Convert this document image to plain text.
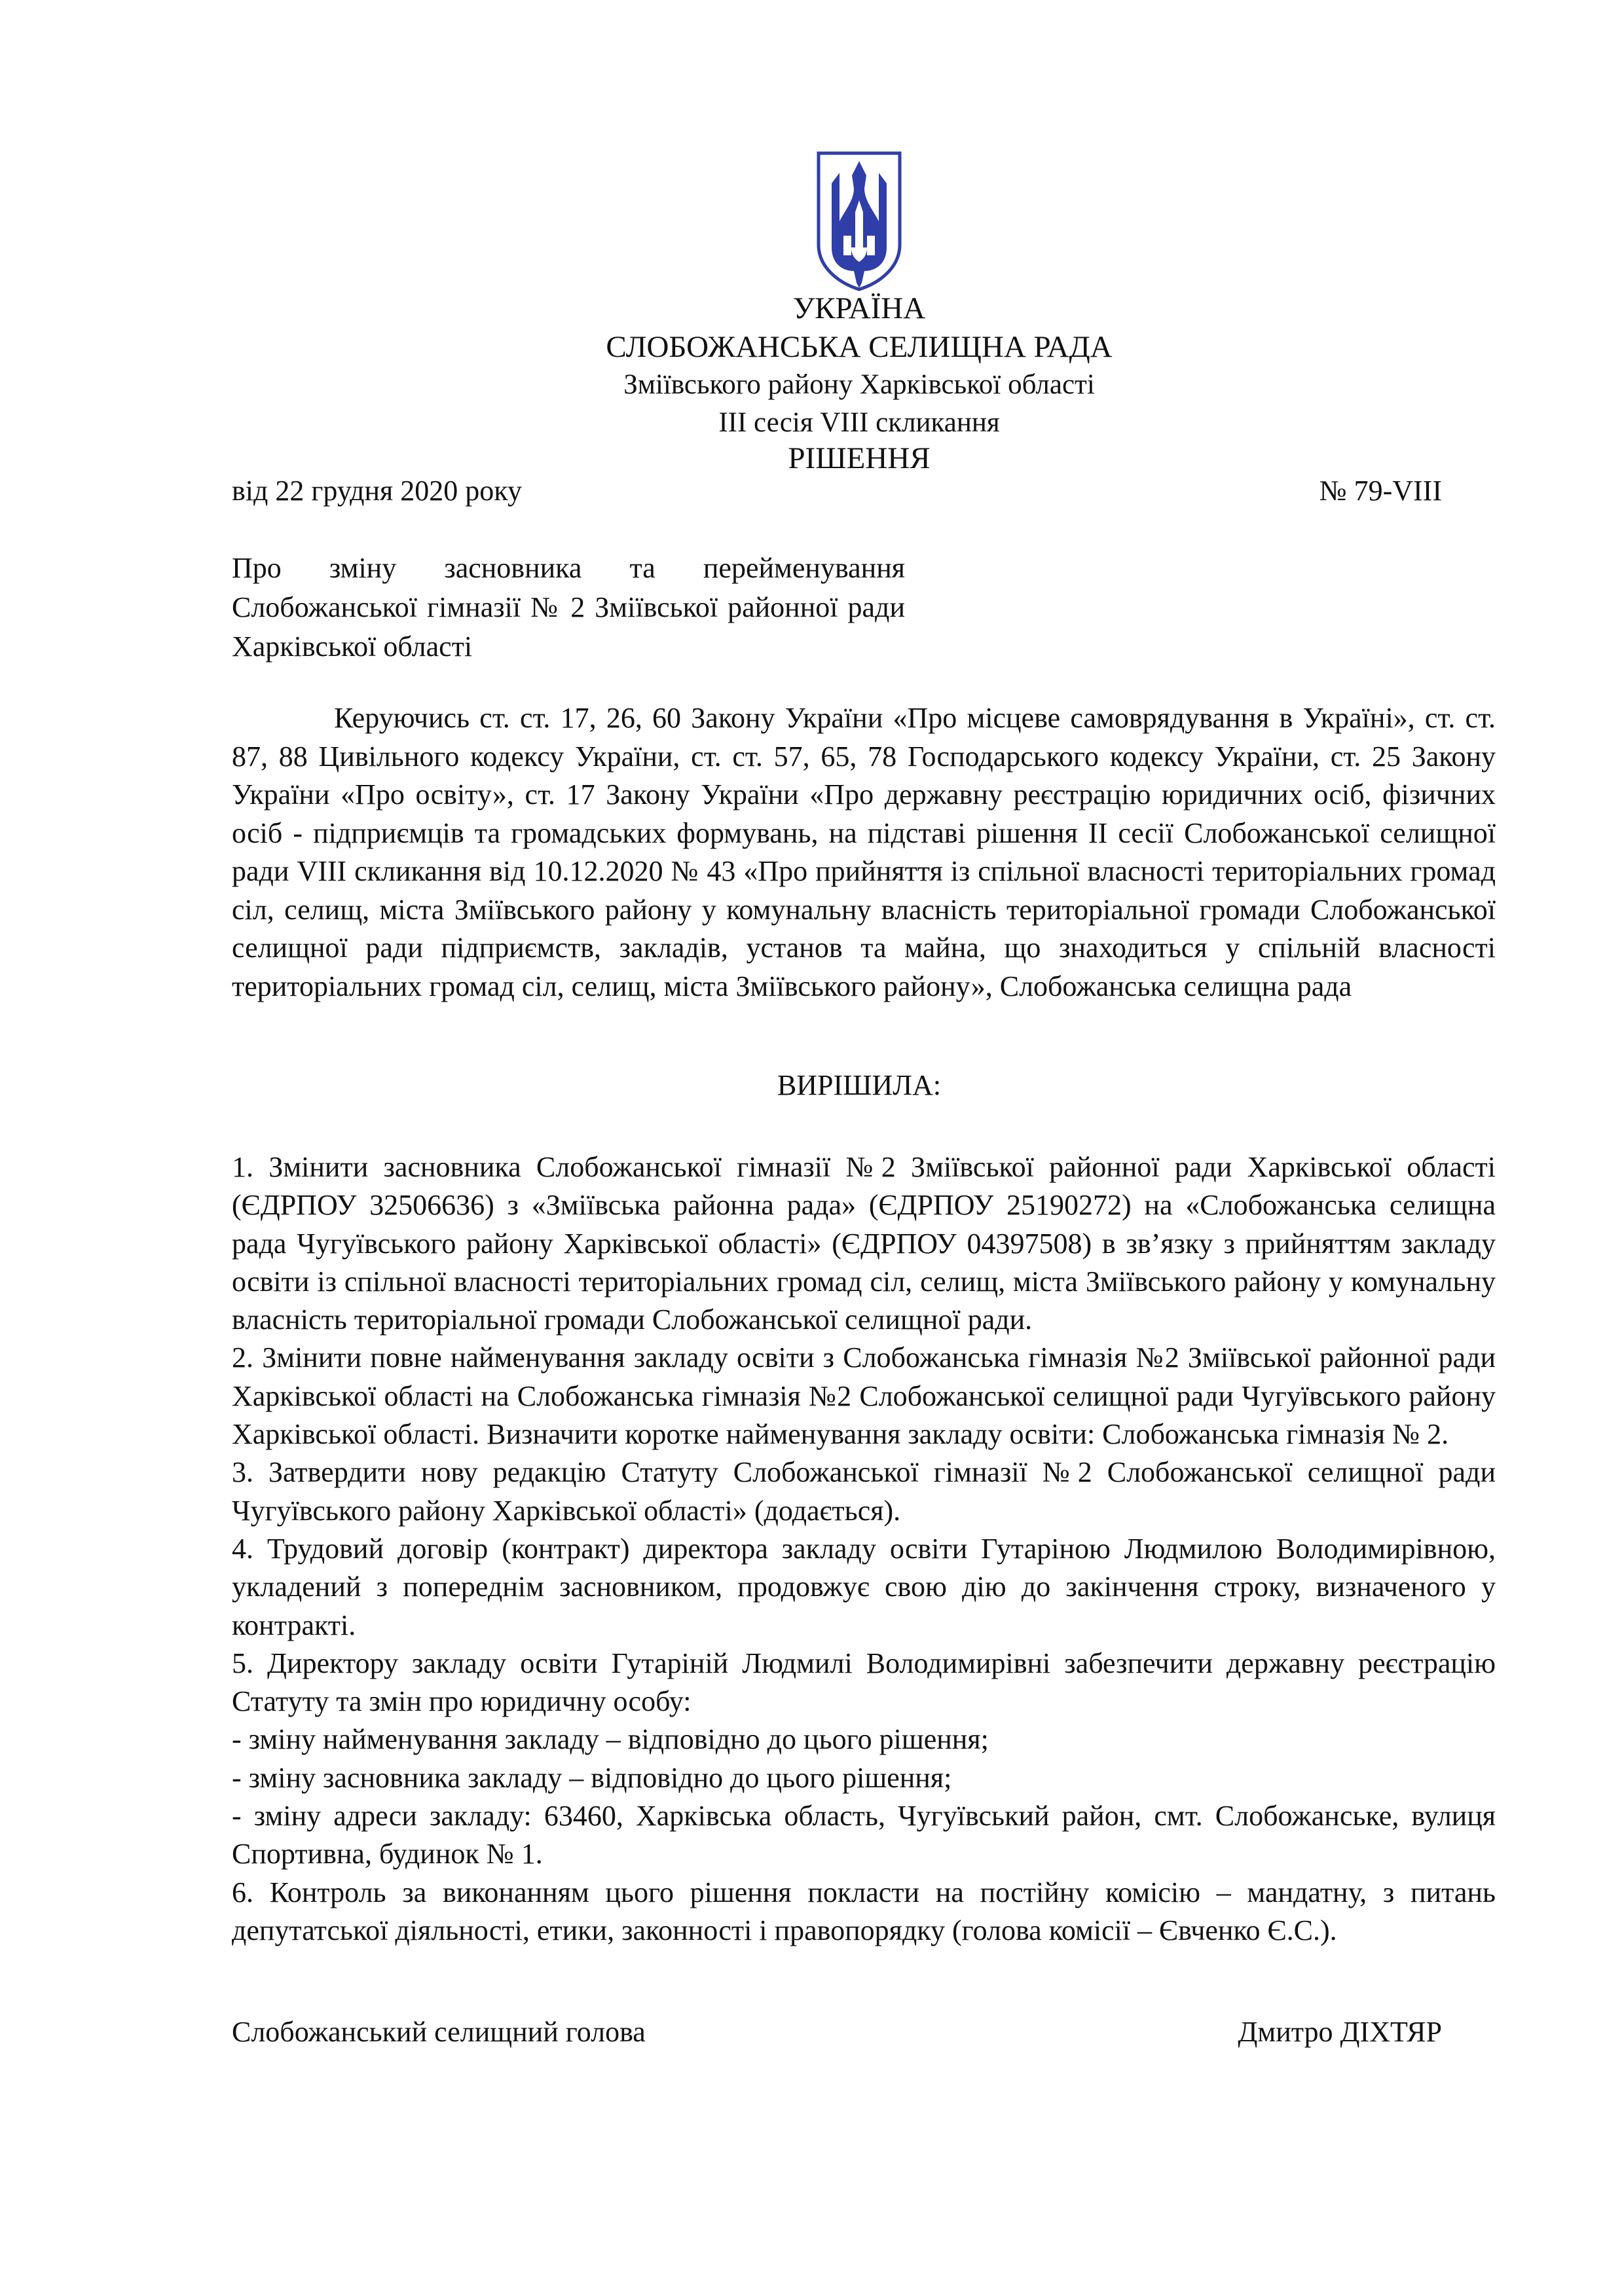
УКРАЇНА
СЛОБОЖАНСЬКА СЕЛИЩНА РАДА
Зміївського району Харківської області
ІІІ сесія VІІІ скликання
РІШЕННЯ
від 22 грудня 2020 року	№ 79-VIIІ
Про зміну засновника та перейменування Слобожанської гімназії № 2 Зміївської районної ради Харківської області
Керуючись ст. ст. 17, 26, 60 Закону України «Про місцеве самоврядування в Україні», ст. ст. 87, 88 Цивільного кодексу України, ст. ст. 57, 65, 78 Господарського кодексу України, ст. 25 Закону України «Про освіту», ст. 17 Закону України «Про державну реєстрацію юридичних осіб, фізичних осіб - підприємців та громадських формувань, на підставі рішення ІІ сесії Слобожанської селищної ради VIII скликання від 10.12.2020 № 43 «Про прийняття із спільної власності територіальних громад сіл, селищ, міста Зміївського району у комунальну власність територіальної громади Слобожанської селищної ради підприємств, закладів, установ та майна, що знаходиться у спільній власності територіальних громад сіл, селищ, міста Зміївського району», Слобожанська селищна рада
ВИРІШИЛА:

1. Змінити засновника Слобожанської гімназії №2 Зміївської районної ради Харківської області (ЄДРПОУ 32506636) з «Зміївська районна рада» (ЄДРПОУ 25190272) на «Слобожанська селищна рада Чугуївського району Харківської області» (ЄДРПОУ 04397508) в зв’язку з прийняттям закладу освіти із спільної власності територіальних громад сіл, селищ, міста Зміївського району у комунальну власність територіальної громади Слобожанської селищної ради.

2. Змінити повне найменування закладу освіти з Слобожанська гімназія №2 Зміївської районної ради Харківської області на Слобожанська гімназія №2 Слобожанської селищної ради Чугуївського району Харківської області. Визначити коротке найменування закладу освіти: Слобожанська гімназія № 2.

3. Затвердити нову редакцію Статуту Слобожанської гімназії №2 Слобожанської селищної ради Чугуївського району Харківської області» (додається).

4. Трудовий договір (контракт) директора закладу освіти Гутаріною Людмилою Володимирівною, укладений з попереднім засновником, продовжує свою дію до закінчення строку, визначеного у контракті.

5. Директору закладу освіти Гутаріній Людмилі Володимирівні забезпечити державну реєстрацію Статуту та змін про юридичну особу:

- зміну найменування закладу – відповідно до цього рішення;

- зміну засновника закладу – відповідно до цього рішення;

- зміну адреси закладу: 63460, Харківська область, Чугуївський район, смт. Слобожанське, вулиця Спортивна, будинок № 1.

6. Контроль за виконанням цього рішення покласти на постійну комісію – мандатну, з питань депутатської діяльності, етики, законності і правопорядку (голова комісії – Євченко Є.С.).

Слобожанський селищний голова	Дмитро ДІХТЯР
